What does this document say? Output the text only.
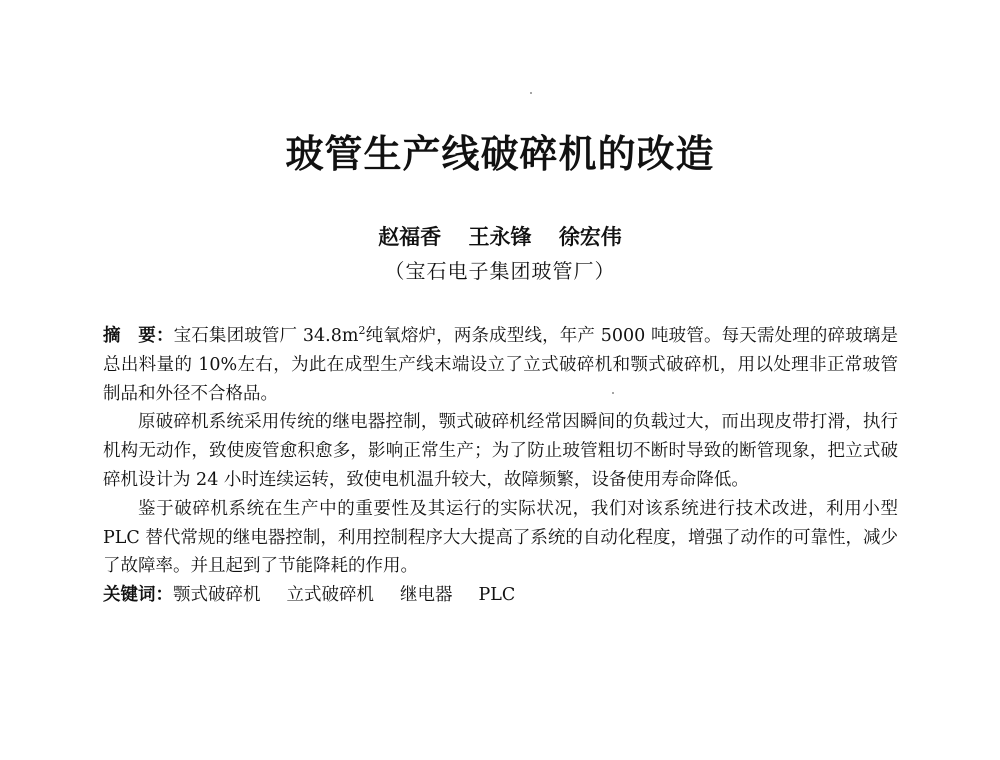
玻管生产线破碎机的改造
赵福香 王永锋 徐宏伟
（宝石电子集团玻管厂）

摘　要：宝石集团玻管厂 $34.8m^2$纯氧熔炉，两条成型线，年产 5000 吨玻管。每天需处理的碎玻璃是总出料量的 10%左右，为此在成型生产线末端设立了立式破碎机和颚式破碎机，用以处理非正常玻管制品和外径不合格品。

原破碎机系统采用传统的继电器控制，颚式破碎机经常因瞬间的负载过大，而出现皮带打滑，执行机构无动作，致使废管愈积愈多，影响正常生产；为了防止玻管粗切不断时导致的断管现象，把立式破碎机设计为 24 小时连续运转，致使电机温升较大，故障频繁，设备使用寿命降低。

鉴于破碎机系统在生产中的重要性及其运行的实际状况，我们对该系统进行技术改进，利用小型 PLC 替代常规的继电器控制，利用控制程序大大提高了系统的自动化程度，增强了动作的可靠性，减少了故障率。并且起到了节能降耗的作用。

关键词：颚式破碎机 立式破碎机 继电器 PLC
